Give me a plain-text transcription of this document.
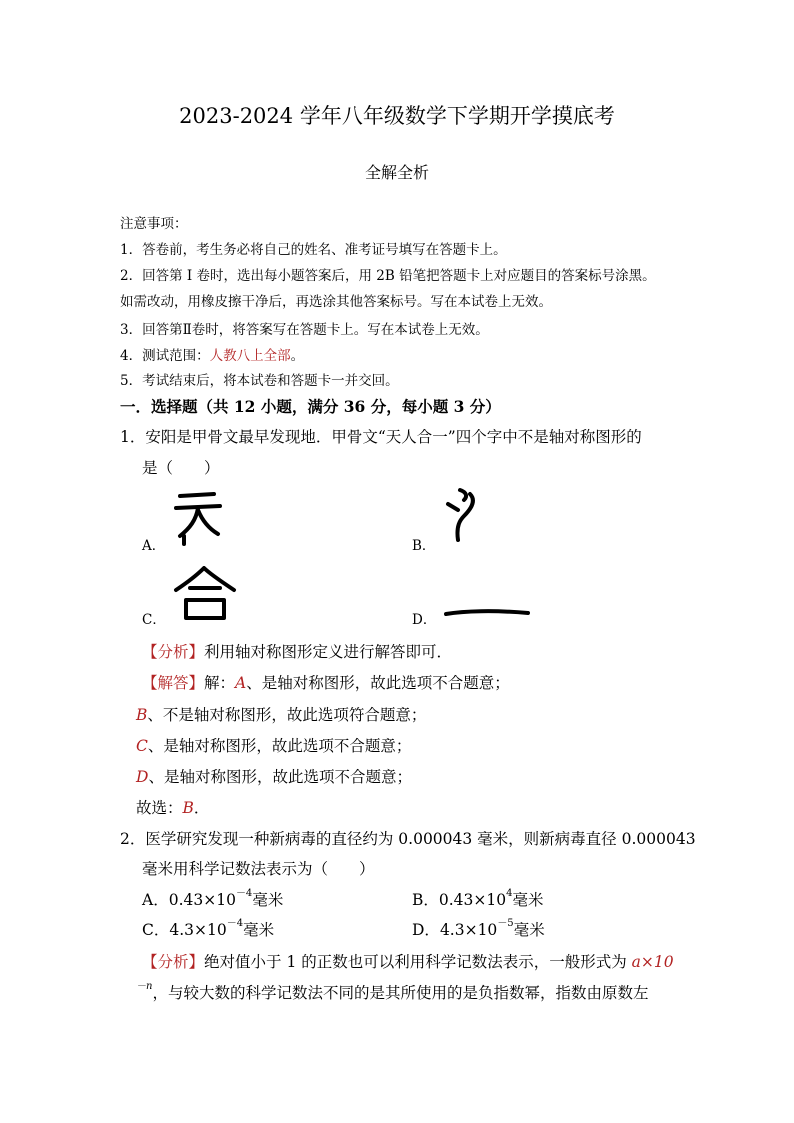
2023-2024 学年八年级数学下学期开学摸底考
全解全析
注意事项：
1．答卷前，考生务必将自己的姓名、准考证号填写在答题卡上。
2．回答第 I 卷时，选出每小题答案后，用 2B 铅笔把答题卡上对应题目的答案标号涂黑。
如需改动，用橡皮擦干净后，再选涂其他答案标号。写在本试卷上无效。
3．回答第Ⅱ卷时，将答案写在答题卡上。写在本试卷上无效。
4．测试范围：人教八上全部。
5．考试结束后，将本试卷和答题卡一并交回。
一．选择题（共 12 小题，满分 36 分，每小题 3 分）
1．安阳是甲骨文最早发现地．甲骨文“天人合一”四个字中不是轴对称图形的
是（　　）
A．	B．
C．	D．
【分析】利用轴对称图形定义进行解答即可．
【解答】解：A、是轴对称图形，故此选项不合题意；
B、不是轴对称图形，故此选项符合题意；
C、是轴对称图形，故此选项不合题意；
D、是轴对称图形，故此选项不合题意；
故选：B．
2．医学研究发现一种新病毒的直径约为 0.000043 毫米，则新病毒直径 0.000043
毫米用科学记数法表示为（　　）
A．$0.43\times 10^{-4}$毫米	B．$0.43\times 10^4$毫米
C．$4.3\times 10^{-4}$毫米	D．$4.3\times 10^{-5}$毫米
【分析】绝对值小于 1 的正数也可以利用科学记数法表示，一般形式为 a×10
$^{-n}$，与较大数的科学记数法不同的是其所使用的是负指数幂，指数由原数左
